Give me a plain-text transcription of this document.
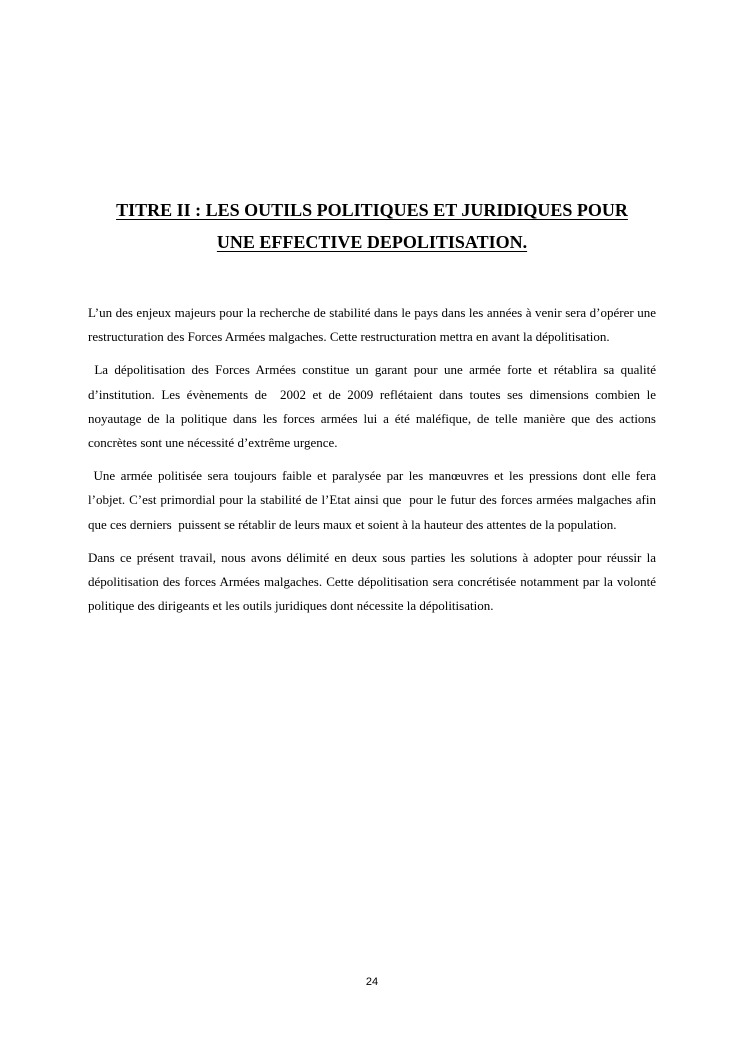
TITRE II : LES OUTILS POLITIQUES ET JURIDIQUES POUR
UNE EFFECTIVE DEPOLITISATION.

L’un des enjeux majeurs pour la recherche de stabilité dans le pays dans les années à venir sera d’opérer une restructuration des Forces Armées malgaches. Cette restructuration mettra en avant la dépolitisation.

La dépolitisation des Forces Armées constitue un garant pour une armée forte et rétablira sa qualité d’institution. Les évènements de  2002 et de 2009 reflétaient dans toutes ses dimensions combien le noyautage de la politique dans les forces armées lui a été maléfique, de telle manière que des actions concrètes sont une nécessité d’extrême urgence.

Une armée politisée sera toujours faible et paralysée par les manœuvres et les pressions dont elle fera l’objet. C’est primordial pour la stabilité de l’Etat ainsi que  pour le futur des forces armées malgaches afin que ces derniers  puissent se rétablir de leurs maux et soient à la hauteur des attentes de la population.

Dans ce présent travail, nous avons délimité en deux sous parties les solutions à adopter pour réussir la dépolitisation des forces Armées malgaches. Cette dépolitisation sera concrétisée notamment par la volonté politique des dirigeants et les outils juridiques dont nécessite la dépolitisation.

24
